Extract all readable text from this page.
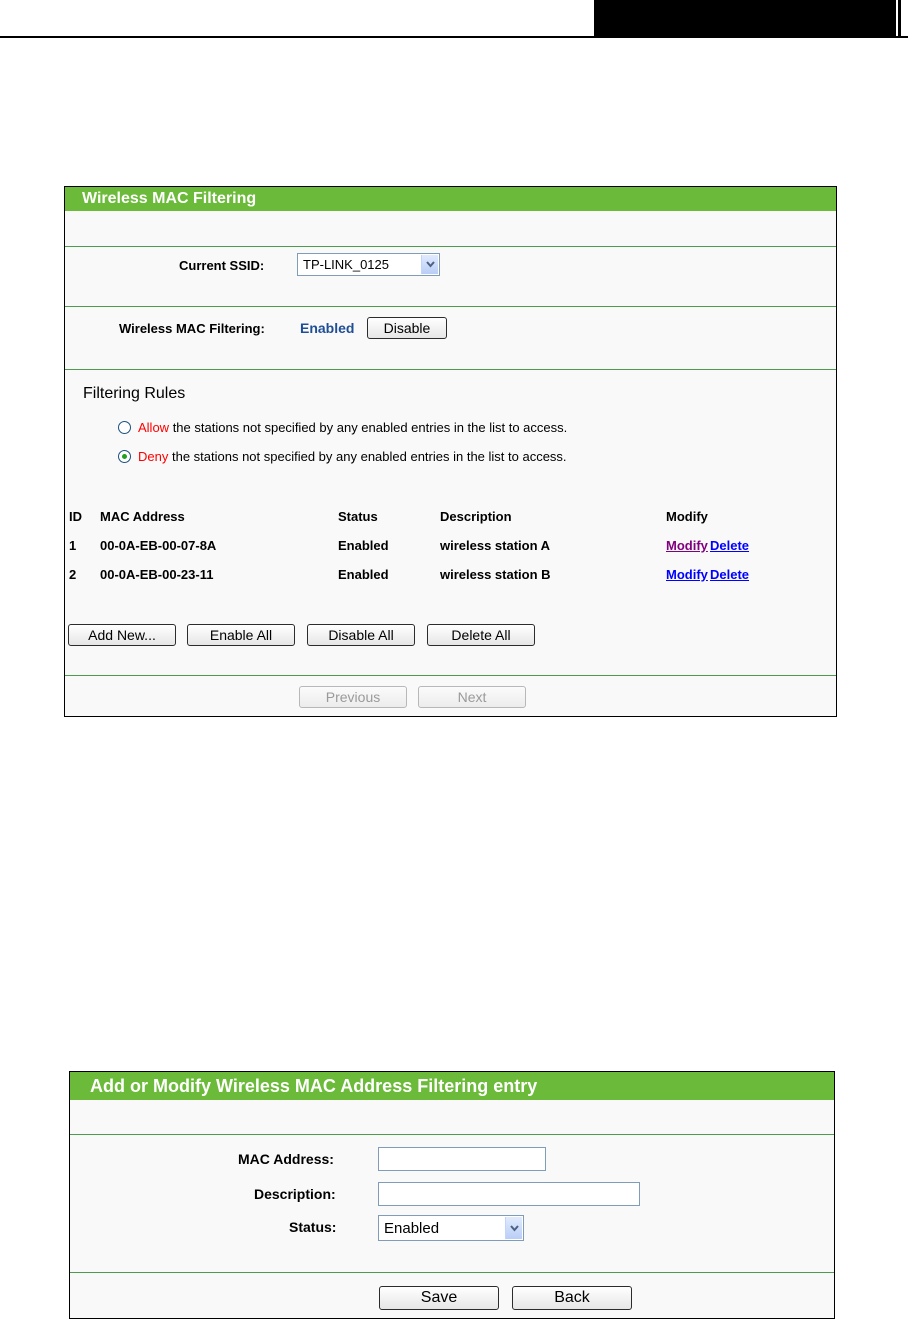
Wireless MAC Filtering
Current SSID:	TP-LINK_0125
Wireless MAC Filtering:	Enabled	Disable
Filtering Rules
Allow the stations not specified by any enabled entries in the list to access.
Deny the stations not specified by any enabled entries in the list to access.
ID MAC Address	Status	Description	Modify
1 00-0A-EB-00-07-8A	Enabled	wireless station A	Modify Delete
2 00-0A-EB-00-23-11	Enabled	wireless station B	Modify Delete
Add New...	Enable All	Disable All	Delete All
Previous	Next
Add or Modify Wireless MAC Address Filtering entry
MAC Address:
Description:
Status:	Enabled
Save	Back
